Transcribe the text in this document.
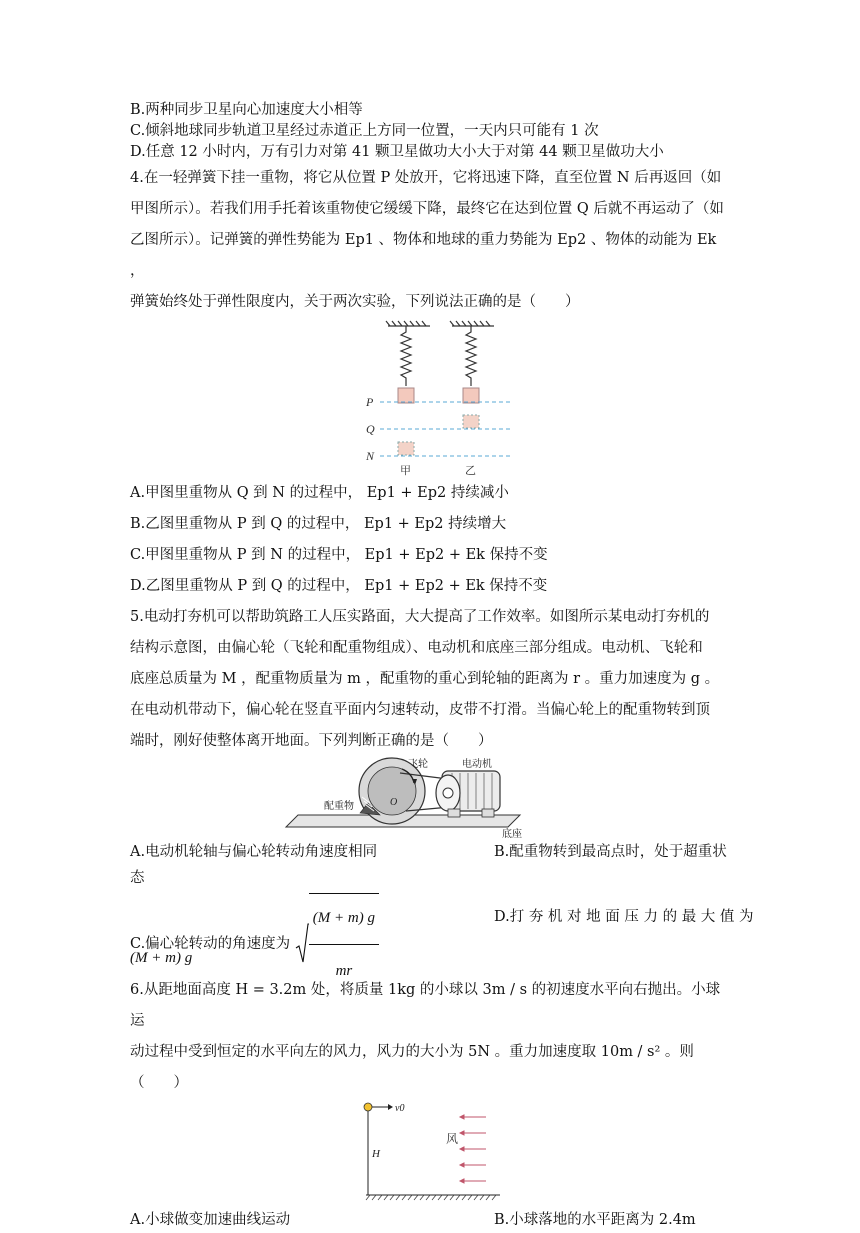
B.两种同步卫星向心加速度大小相等
C.倾斜地球同步轨道卫星经过赤道正上方同一位置，一天内只可能有 1 次
D.任意 12 小时内，万有引力对第 41 颗卫星做功大小大于对第 44 颗卫星做功大小
4.在一轻弹簧下挂一重物，将它从位置 P 处放开，它将迅速下降，直至位置 N 后再返回（如
甲图所示）。若我们用手托着该重物使它缓缓下降，最终它在达到位置 Q 后就不再运动了（如
乙图所示）。记弹簧的弹性势能为 Ep1 、物体和地球的重力势能为 Ep2 、物体的动能为 Ek ，
弹簧始终处于弹性限度内，关于两次实验，下列说法正确的是（　　）
P
Q
N
甲	乙
A.甲图里重物从 Q 到 N 的过程中， Ep1 + Ep2 持续减小
B.乙图里重物从 P 到 Q 的过程中， Ep1 + Ep2 持续增大
C.甲图里重物从 P 到 N 的过程中， Ep1 + Ep2 + Ek 保持不变
D.乙图里重物从 P 到 Q 的过程中， Ep1 + Ep2 + Ek 保持不变
5.电动打夯机可以帮助筑路工人压实路面，大大提高了工作效率。如图所示某电动打夯机的
结构示意图，由偏心轮（飞轮和配重物组成）、电动机和底座三部分组成。电动机、飞轮和
底座总质量为 M ，配重物质量为 m ，配重物的重心到轮轴的距离为 r 。重力加速度为 g 。
在电动机带动下，偏心轮在竖直平面内匀速转动，皮带不打滑。当偏心轮上的配重物转到顶
端时，刚好使整体离开地面。下列判断正确的是（　　）
飞轮	电动机
配重物	O
底座
A.电动机轮轴与偏心轮转动角速度相同	B.配重物转到最高点时，处于超重状
态
C.偏心轮转动的角速度为 $\frac{(M + m) g}{mr}$	D.打 夯 机 对 地 面 压 力 的 最 大 值 为
(M + m) g
6.从距地面高度 H = 3.2m 处，将质量 1kg 的小球以 3m / s 的初速度水平向右抛出。小球运
动过程中受到恒定的水平向左的风力，风力的大小为 5N 。重力加速度取 10m / s² 。则（　　）
v0
H
风
A.小球做变加速曲线运动	B.小球落地的水平距离为 2.4m
